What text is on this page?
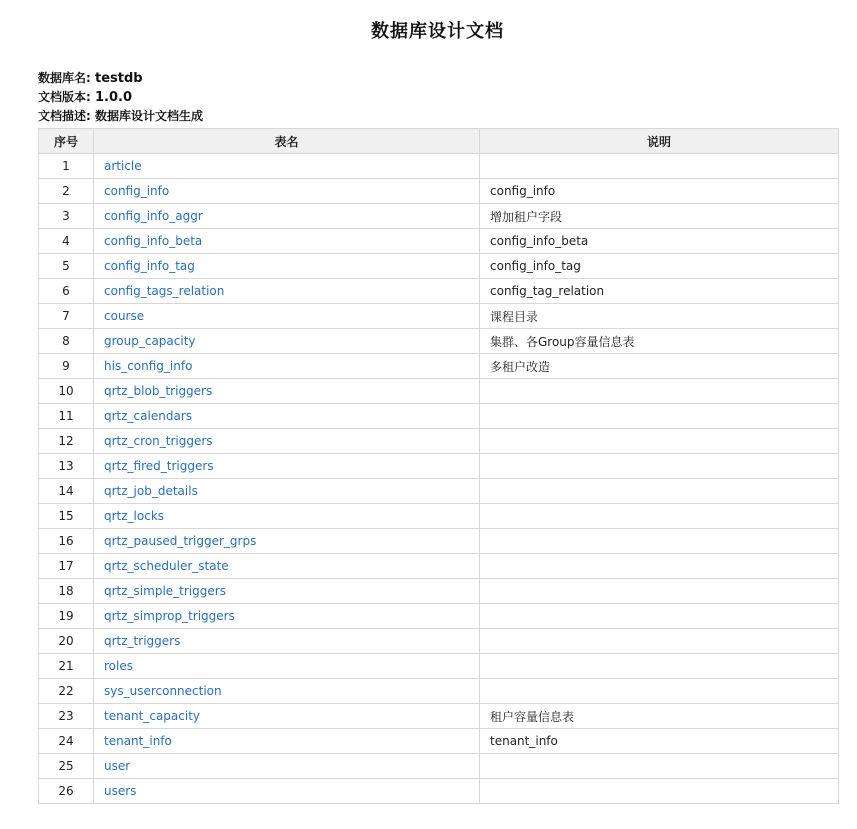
数据库设计文档
数据库名: testdb
文档版本: 1.0.0
文档描述: 数据库设计文档生成
序号	表名	说明
1	article	
2	config_info	config_info
3	config_info_aggr	增加租户字段
4	config_info_beta	config_info_beta
5	config_info_tag	config_info_tag
6	config_tags_relation	config_tag_relation
7	course	课程目录
8	group_capacity	集群、各Group容量信息表
9	his_config_info	多租户改造
10	qrtz_blob_triggers	
11	qrtz_calendars	
12	qrtz_cron_triggers	
13	qrtz_fired_triggers	
14	qrtz_job_details	
15	qrtz_locks	
16	qrtz_paused_trigger_grps	
17	qrtz_scheduler_state	
18	qrtz_simple_triggers	
19	qrtz_simprop_triggers	
20	qrtz_triggers	
21	roles	
22	sys_userconnection	
23	tenant_capacity	租户容量信息表
24	tenant_info	tenant_info
25	user	
26	users	
